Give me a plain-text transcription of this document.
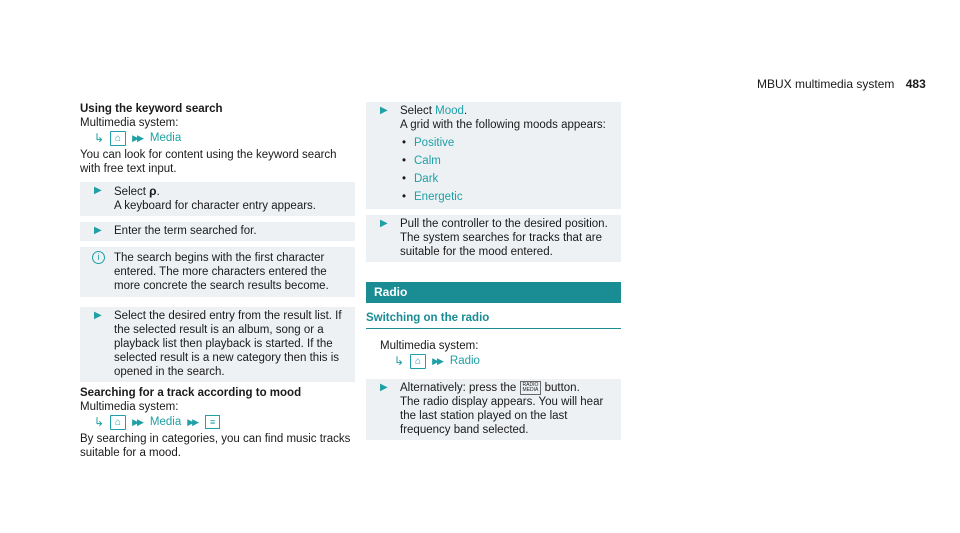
MBUX multimedia system 483
Using the keyword search
Multimedia system:
↳	⌂	▶▶ Media
You can look for content using the keyword search with free text input.
▶ Select ρ.
A keyboard for character entry appears.
▶ Enter the term searched for.
i	The search begins with the first character entered. The more characters entered the more concrete the search results become.
▶ Select the desired entry from the result list. If the selected result is an album, song or a playback list then playback is started. If the selected result is a new category then this is opened in the search.
Searching for a track according to mood
Multimedia system:
↳	⌂	▶▶ Media ▶▶	≡
By searching in categories, you can find music tracks suitable for a mood.
▶ Select Mood.
A grid with the following moods appears:
• Positive
• Calm
• Dark
• Energetic
▶ Pull the controller to the desired position. The system searches for tracks that are suitable for the mood entered.
Radio
Switching on the radio
Multimedia system:
↳	⌂	▶▶ Radio
▶ Alternatively: press the RADIO
MEDIA button.
The radio display appears. You will hear the last station played on the last frequency band selected.
